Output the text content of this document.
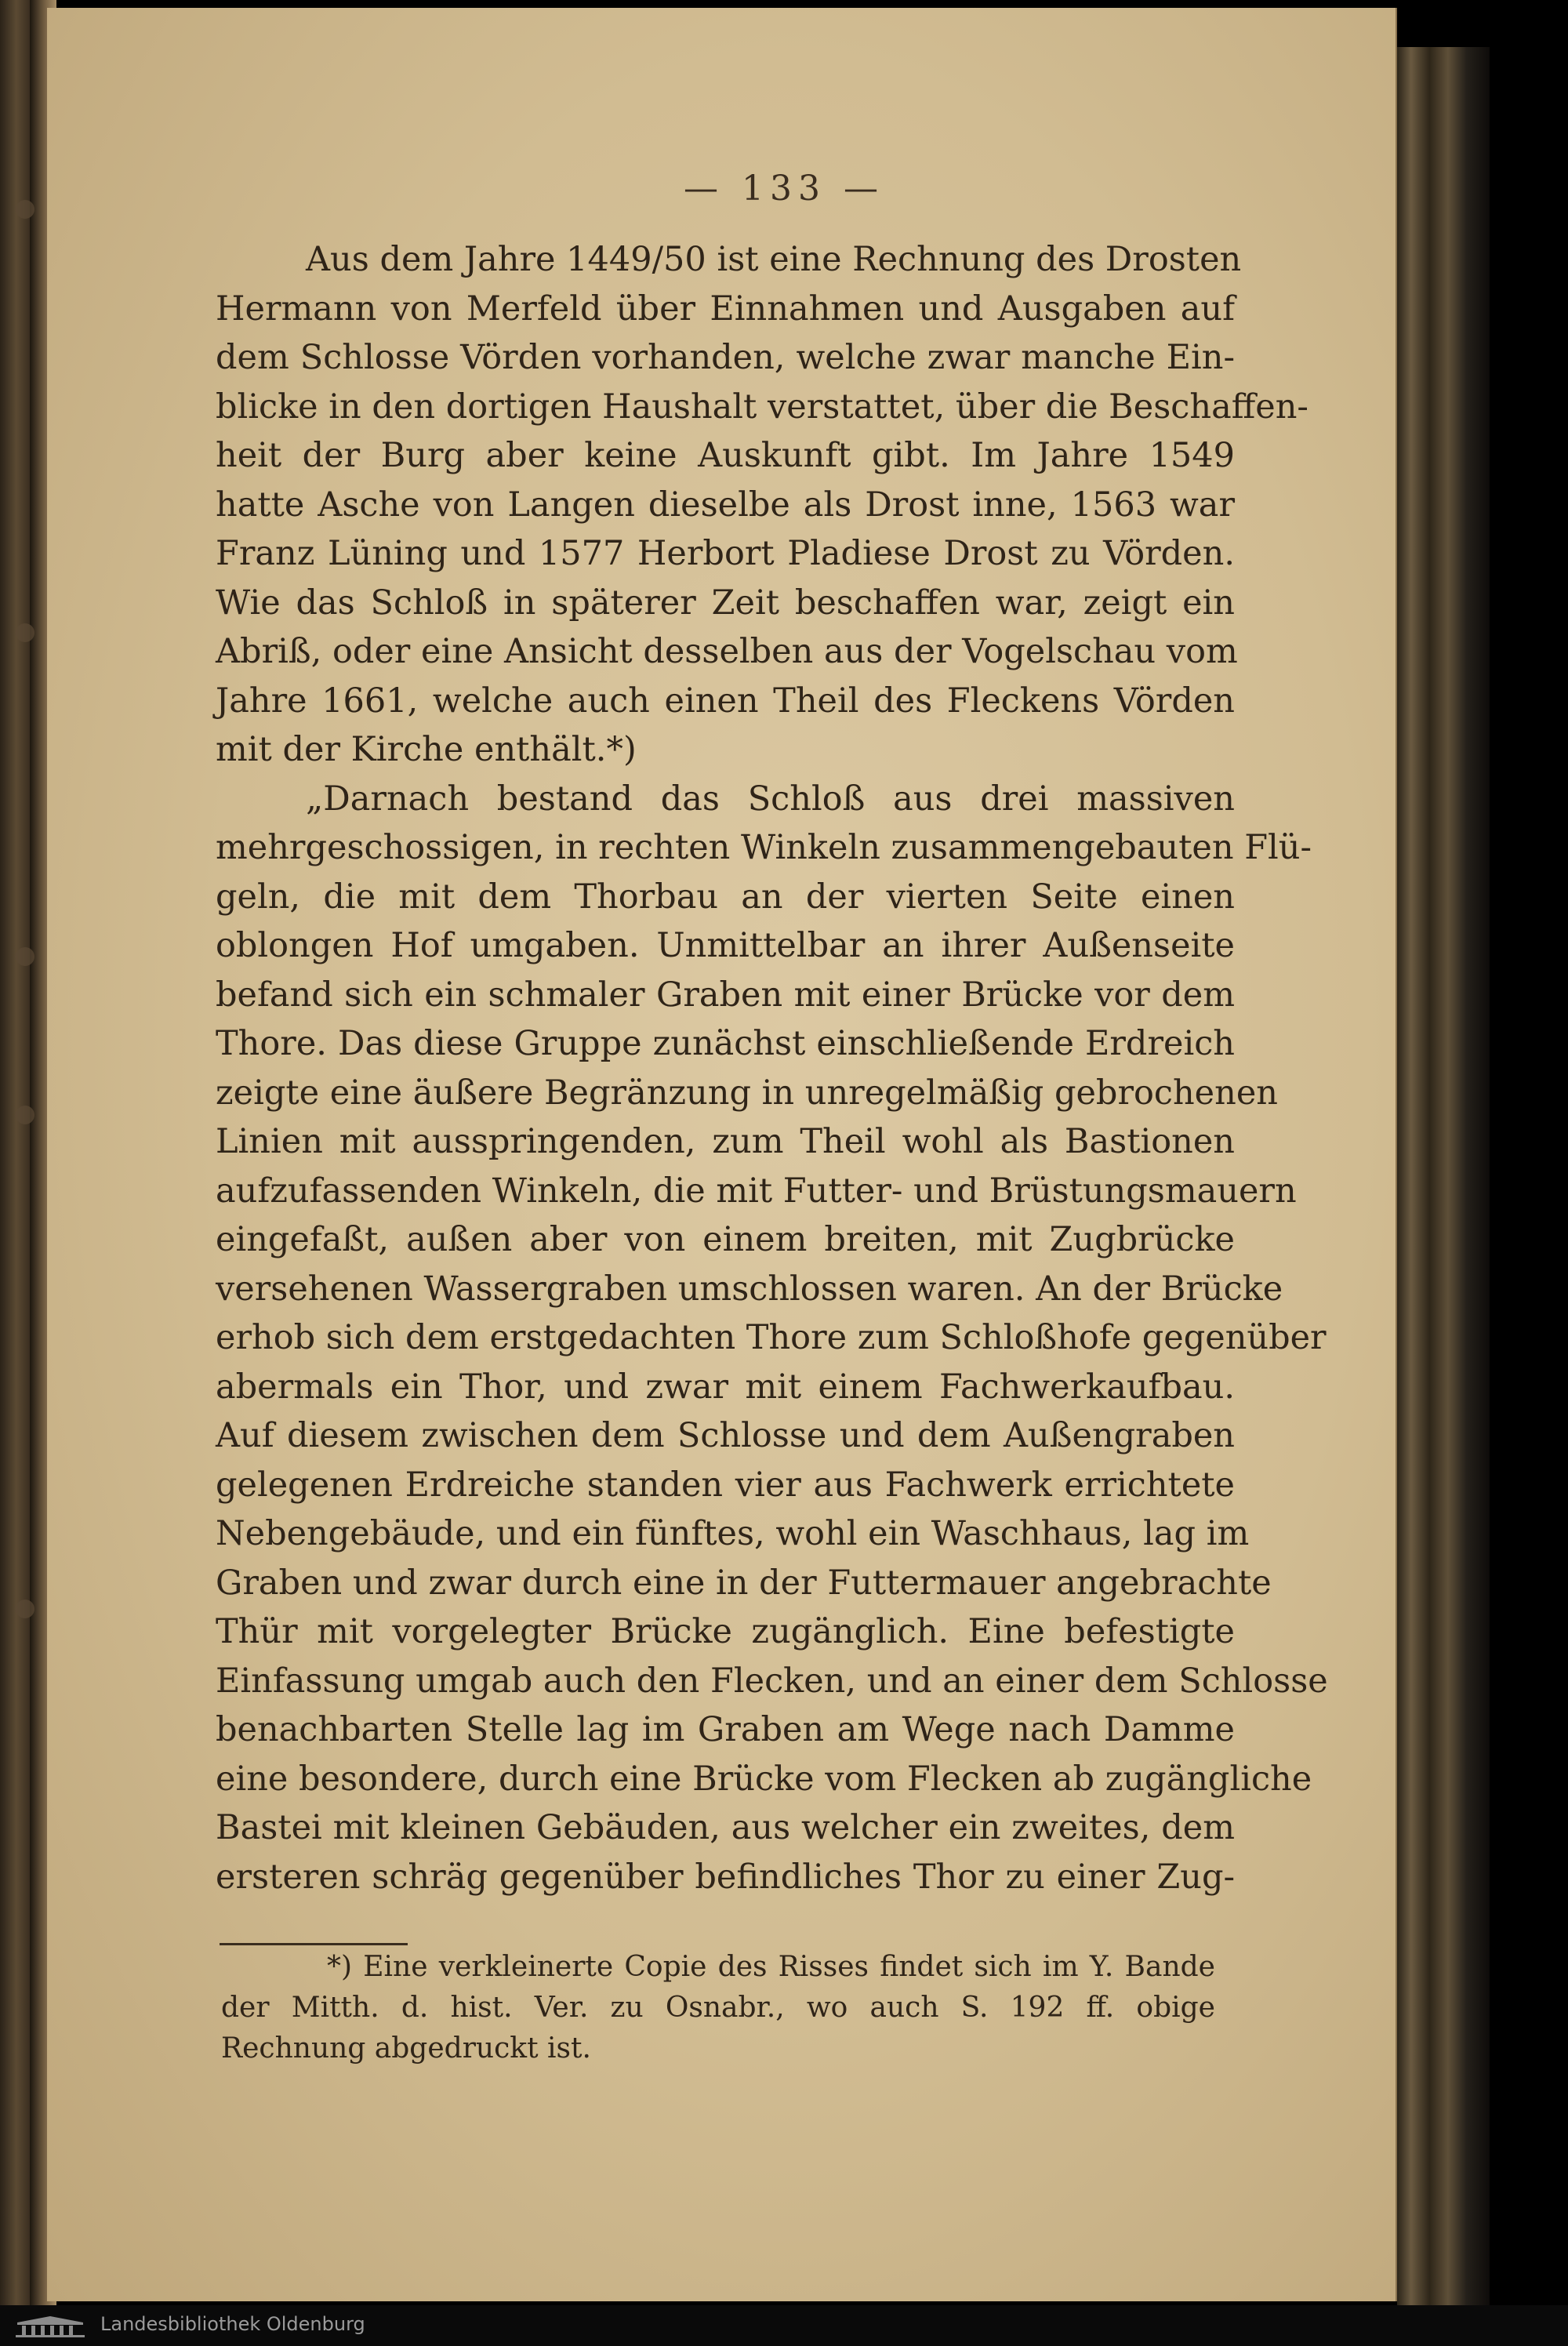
— 133 —
Aus dem Jahre 1449/50 ist eine Rechnung des Drosten
Hermann von Merfeld über Einnahmen und Ausgaben auf
dem Schlosse Vörden vorhanden, welche zwar manche Ein-
blicke in den dortigen Haushalt verstattet, über die Beschaffen-
heit der Burg aber keine Auskunft gibt. Im Jahre 1549
hatte Asche von Langen dieselbe als Drost inne, 1563 war
Franz Lüning und 1577 Herbort Pladiese Drost zu Vörden.
Wie das Schloß in späterer Zeit beschaffen war, zeigt ein
Abriß, oder eine Ansicht desselben aus der Vogelschau vom
Jahre 1661, welche auch einen Theil des Fleckens Vörden
mit der Kirche enthält.*)
„Darnach bestand das Schloß aus drei massiven
mehrgeschossigen, in rechten Winkeln zusammengebauten Flü-
geln, die mit dem Thorbau an der vierten Seite einen
oblongen Hof umgaben. Unmittelbar an ihrer Außenseite
befand sich ein schmaler Graben mit einer Brücke vor dem
Thore. Das diese Gruppe zunächst einschließende Erdreich
zeigte eine äußere Begränzung in unregelmäßig gebrochenen
Linien mit ausspringenden, zum Theil wohl als Bastionen
aufzufassenden Winkeln, die mit Futter- und Brüstungsmauern
eingefaßt, außen aber von einem breiten, mit Zugbrücke
versehenen Wassergraben umschlossen waren. An der Brücke
erhob sich dem erstgedachten Thore zum Schloßhofe gegenüber
abermals ein Thor, und zwar mit einem Fachwerkaufbau.
Auf diesem zwischen dem Schlosse und dem Außengraben
gelegenen Erdreiche standen vier aus Fachwerk errichtete
Nebengebäude, und ein fünftes, wohl ein Waschhaus, lag im
Graben und zwar durch eine in der Futtermauer angebrachte
Thür mit vorgelegter Brücke zugänglich. Eine befestigte
Einfassung umgab auch den Flecken, und an einer dem Schlosse
benachbarten Stelle lag im Graben am Wege nach Damme
eine besondere, durch eine Brücke vom Flecken ab zugängliche
Bastei mit kleinen Gebäuden, aus welcher ein zweites, dem
ersteren schräg gegenüber befindliches Thor zu einer Zug-
*) Eine verkleinerte Copie des Risses findet sich im Y. Bande
der Mitth. d. hist. Ver. zu Osnabr., wo auch S. 192 ff. obige
Rechnung abgedruckt ist.
Landesbibliothek Oldenburg
